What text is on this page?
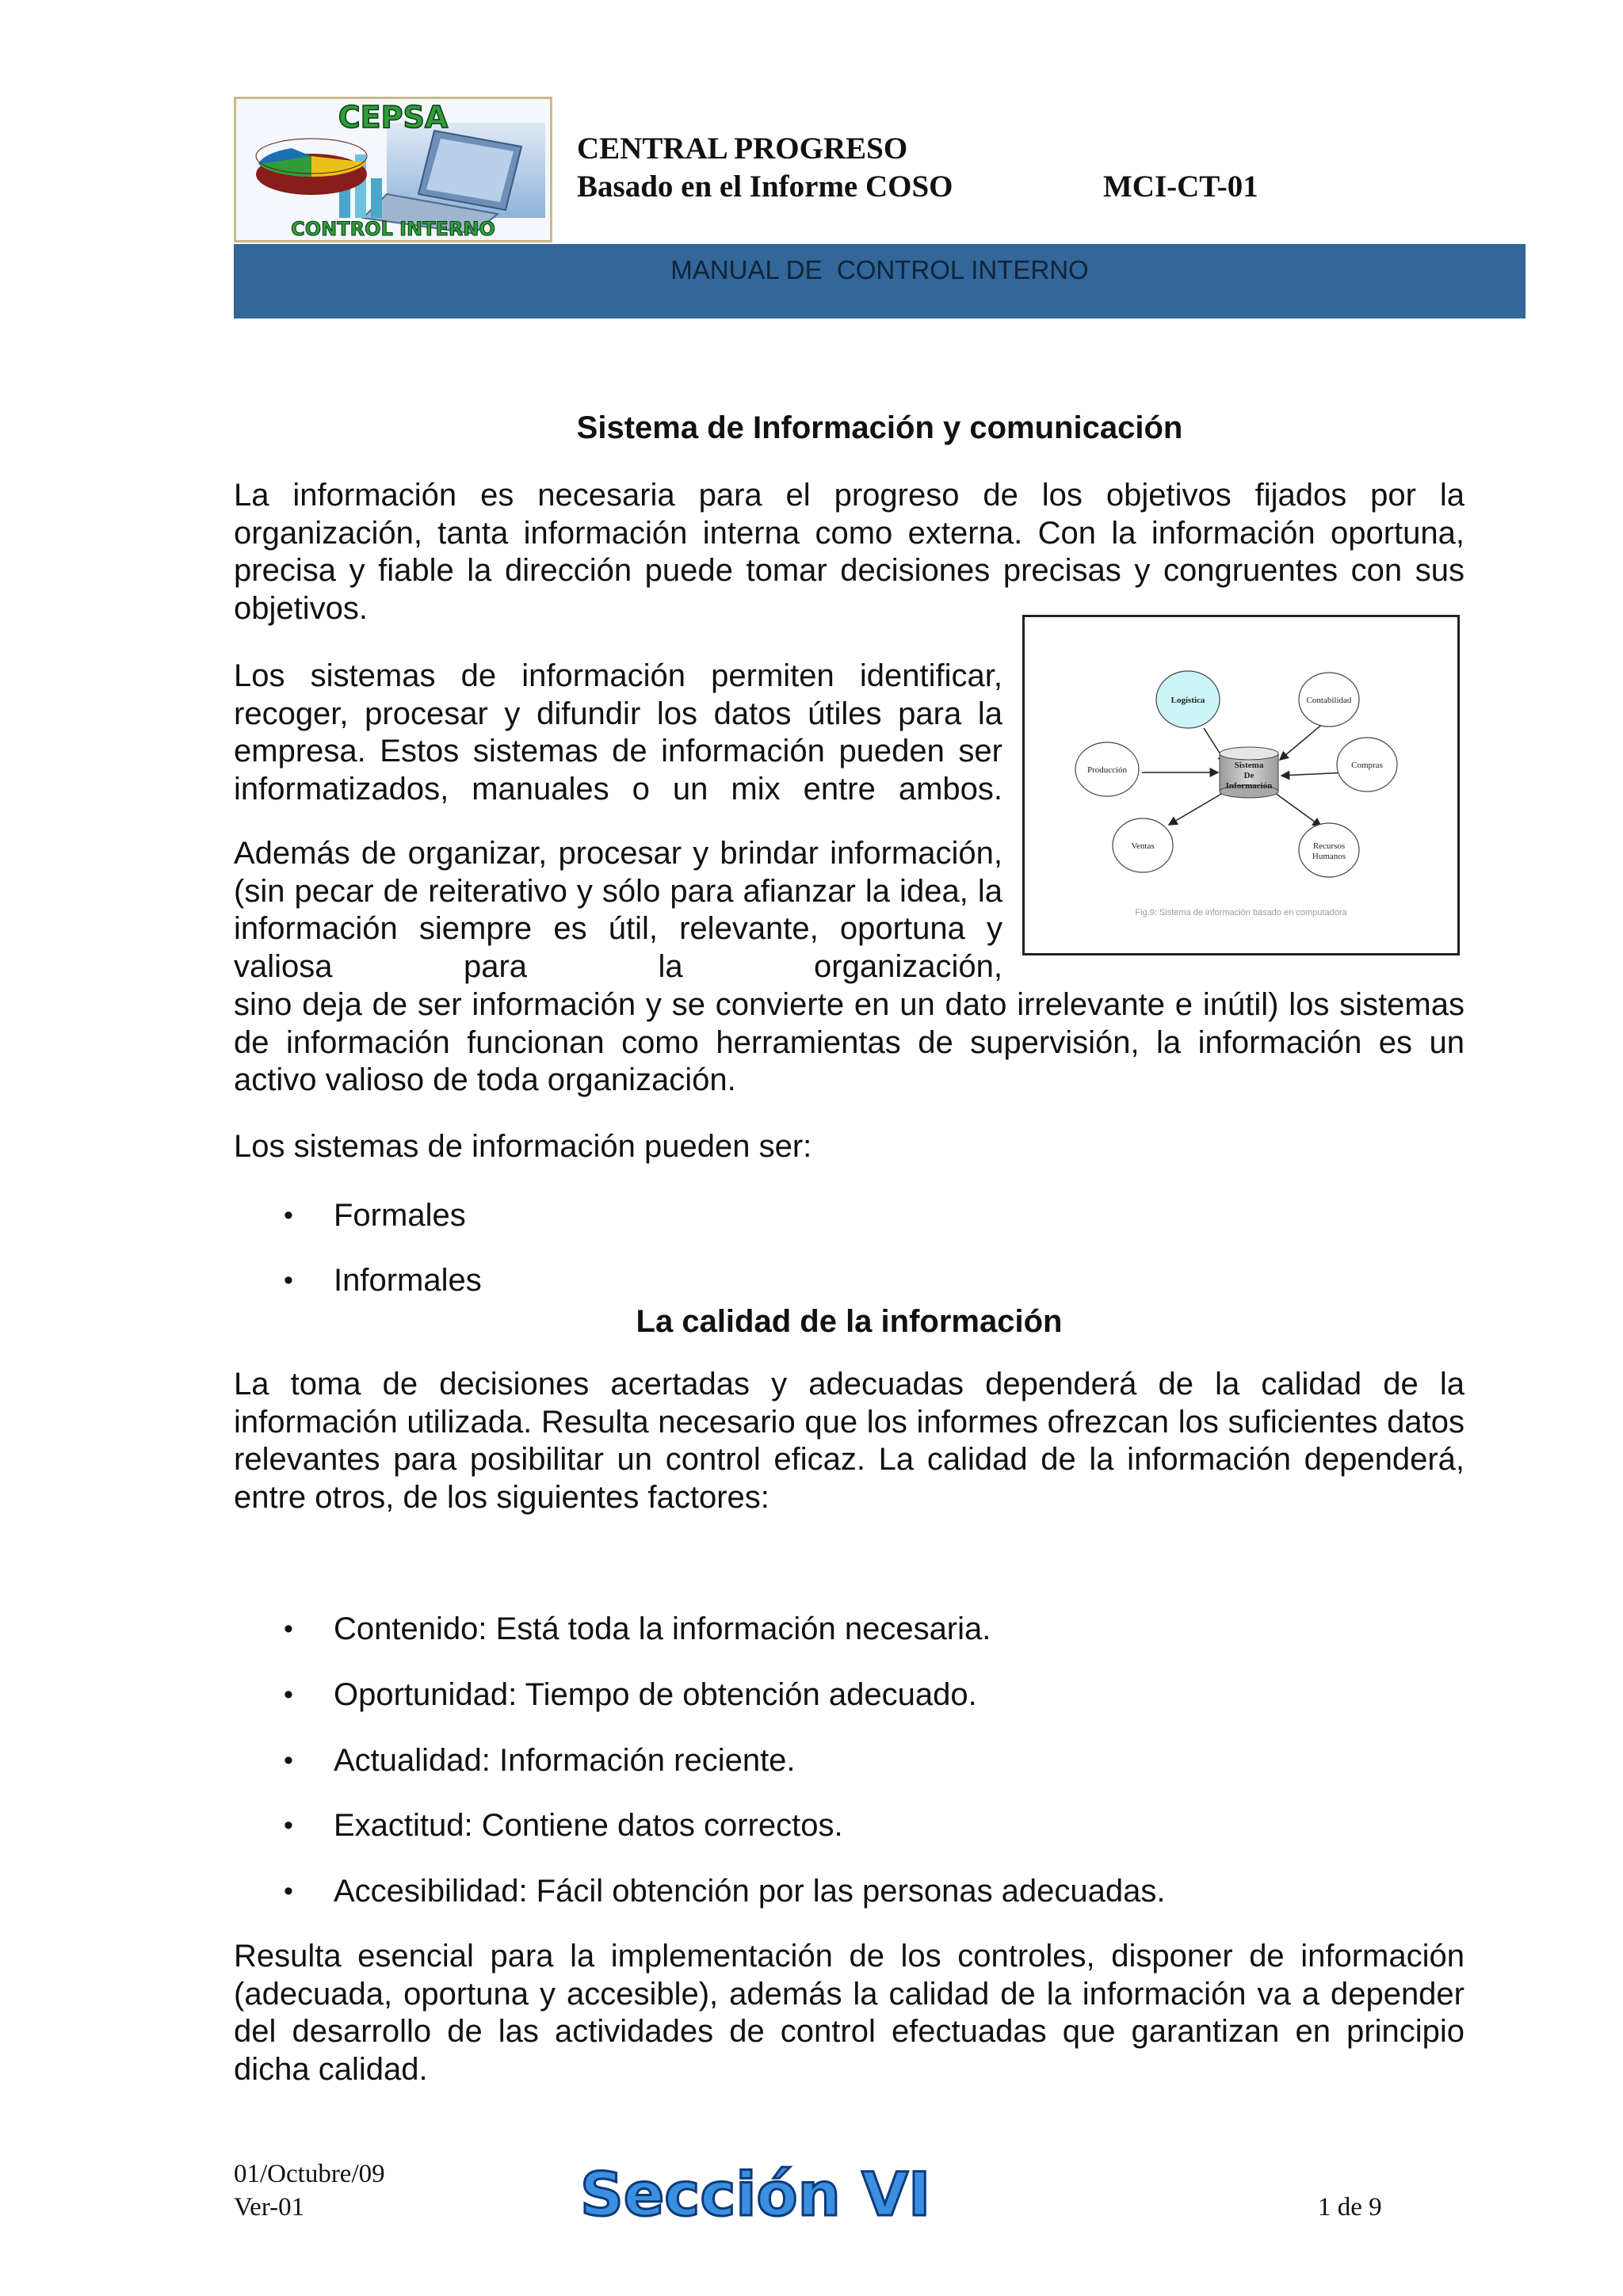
CEPSA
CONTROL INTERNO
CENTRAL PROGRESO
Basado en el Informe COSO	MCI-CT-01
MANUAL DE  CONTROL INTERNO
Sistema de Información y comunicación

La información es necesaria para el progreso de los objetivos fijados por la organización, tanta información interna como externa. Con la información oportuna, precisa y fiable la dirección puede tomar decisiones precisas y congruentes con sus objetivos.

Los sistemas de información permiten identificar, recoger, procesar y difundir los datos útiles para la empresa. Estos sistemas de información pueden ser informatizados, manuales o un mix entre ambos.

Además de organizar, procesar y brindar información, (sin pecar de reiterativo y sólo para afianzar la idea, la información siempre es útil, relevante, oportuna y valiosa para la organización,

sino deja de ser información y se convierte en un dato irrelevante e inútil) los sistemas de información funcionan como herramientas de supervisión, la información es un activo valioso de toda organización.

Los sistemas de información pueden ser:

• Formales
• Informales
Sistema
De
Información
Logística	Contabilidad
Producción	Compras
Ventas	Recursos
Humanos
Fig.9: Sistema de información basado en computadora
La calidad de la información

La toma de decisiones acertadas y adecuadas dependerá de la calidad de la información utilizada. Resulta necesario que los informes ofrezcan los suficientes datos relevantes para posibilitar un control eficaz. La calidad de la información dependerá, entre otros, de los siguientes factores:

• Contenido: Está toda la información necesaria.
• Oportunidad: Tiempo de obtención adecuado.
• Actualidad: Información reciente.
• Exactitud: Contiene datos correctos.
• Accesibilidad: Fácil obtención por las personas adecuadas.

Resulta esencial para la implementación de los controles, disponer de información (adecuada, oportuna y accesible), además la calidad de la información va a depender del desarrollo de las actividades de control efectuadas que garantizan en principio dicha calidad.

01/Octubre/09
Ver-01	Sección VI	1 de 9
